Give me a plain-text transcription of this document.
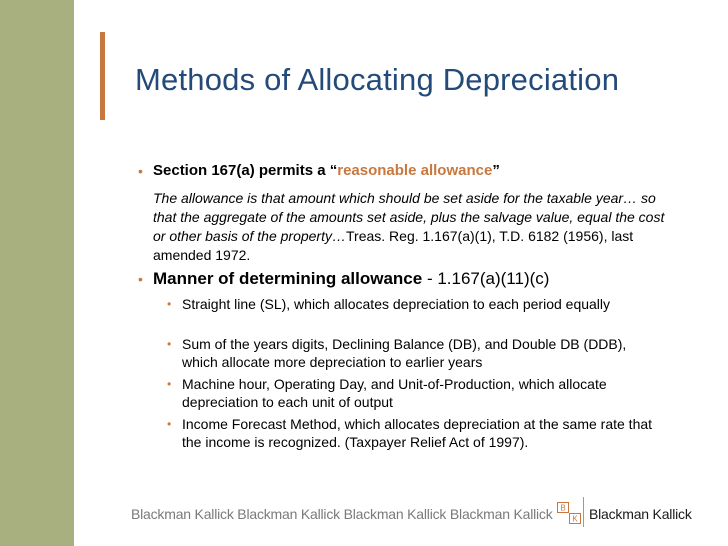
Methods of Allocating Depreciation
• Section 167(a) permits a “reasonable allowance”
The allowance is that amount which should be set aside for the taxable year… so that the aggregate of the amounts set aside, plus the salvage value, equal the cost or other basis of the property…Treas. Reg. 1.167(a)(1), T.D. 6182 (1956), last amended 1972.
• Manner of determining allowance - 1.167(a)(11)(c)
• Straight line (SL), which allocates depreciation to each period equally
• Sum of the years digits, Declining Balance (DB), and Double DB (DDB), which allocate more depreciation to earlier years
• Machine hour, Operating Day, and Unit-of-Production, which allocate depreciation to each unit of output
• Income Forecast Method, which allocates depreciation at the same rate that the income is recognized. (Taxpayer Relief Act of 1997).
Blackman Kallick Blackman Kallick Blackman Kallick Blackman Kallick B
K Blackman Kallick
